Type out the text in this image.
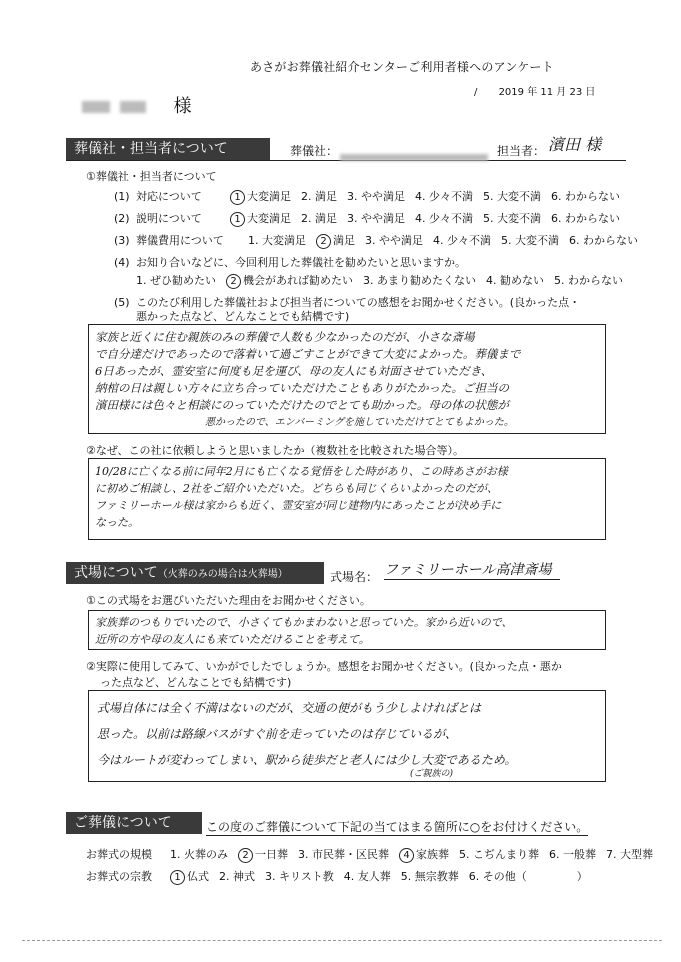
あさがお葬儀社紹介センターご利用者様へのアンケート
/ 2019 年 11 月 23 日
様
葬儀社・担当者について	葬儀社：	担当者： 濱田 様
①葬儀社・担当者について
(1) 対応について	1 大変満足 2. 満足 3. やや満足 4. 少々不満 5. 大変不満 6. わからない
(2) 説明について	1 大変満足 2. 満足 3. やや満足 4. 少々不満 5. 大変不満 6. わからない
(3) 葬儀費用について 1. 大変満足 2 満足 3. やや満足 4. 少々不満 5. 大変不満 6. わからない
(4) お知り合いなどに、今回利用した葬儀社を勧めたいと思いますか。
1. ぜひ勧めたい 2 機会があれば勧めたい 3. あまり勧めたくない 4. 勧めない 5. わからない
(5) このたび利用した葬儀社および担当者についての感想をお聞かせください。(良かった点・
悪かった点など、どんなことでも結構です)
家族と近くに住む親族のみの葬儀で人数も少なかったのだが、小さな斎場
で自分達だけであったので落着いて過ごすことができて大変によかった。葬儀まで
6日あったが、霊安室に何度も足を運び、母の友人にも対面させていただき、
納棺の日は親しい方々に立ち合っていただけたこともありがたかった。ご担当の
濱田様には色々と相談にのっていただけたのでとても助かった。母の体の状態が
悪かったので、エンバーミングを施していただけてとてもよかった。
②なぜ、この社に依頼しようと思いましたか（複数社を比較された場合等）。
10/28に亡くなる前に同年2月にも亡くなる覚悟をした時があり、この時あさがお様
に初めご相談し、2社をご紹介いただいた。どちらも同じくらいよかったのだが、
ファミリーホール様は家からも近く、霊安室が同じ建物内にあったことが決め手に
なった。
式場について（火葬のみの場合は火葬場）	式場名： ファミリーホール高津斎場
①この式場をお選びいただいた理由をお聞かせください。
家族葬のつもりでいたので、小さくてもかまわないと思っていた。家から近いので、
近所の方や母の友人にも来ていただけることを考えて。
②実際に使用してみて、いかがでしたでしょうか。感想をお聞かせください。(良かった点・悪か
った点など、どんなことでも結構です)
式場自体には全く不満はないのだが、交通の便がもう少しよければとは
思った。以前は路線バスがすぐ前を走っていたのは存じているが、
今はルートが変わってしまい、駅から徒歩だと老人には少し大変であるため。
(ご親族の)
ご葬儀について	この度のご葬儀について下記の当てはまる箇所に○をお付けください。
お葬式の規模 1. 火葬のみ 2 一日葬 3. 市民葬・区民葬 4 家族葬 5. こぢんまり葬 6. 一般葬 7. 大型葬
お葬式の宗教 1 仏式 2. 神式 3. キリスト教 4. 友人葬 5. 無宗教葬 6. その他（	）
